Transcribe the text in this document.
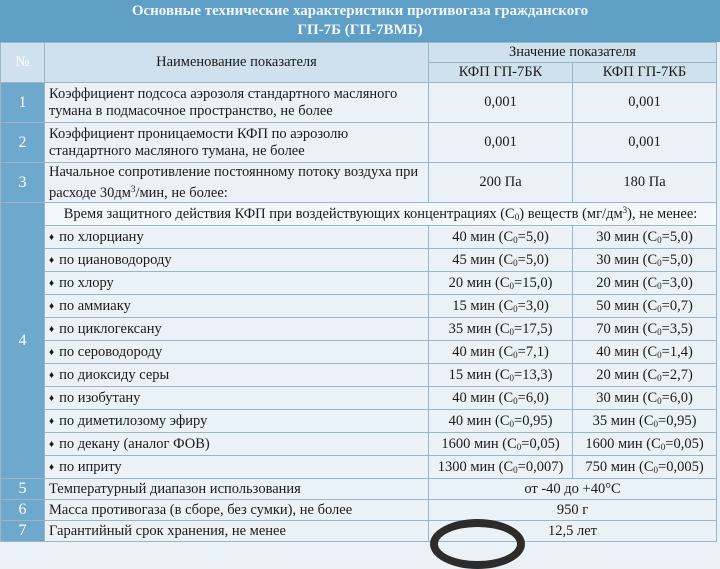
Основные технические характеристики противогаза гражданского
ГП-7Б (ГП-7ВМБ)
№	Наименование показателя	Значение показателя	
		КФП ГП-7БК	КФП ГП-7КБ
1	Коэффициент подсоса аэрозоля стандартного масляного тумана в подмасочное пространство, не более	0,001	0,001
2	Коэффициент проницаемости КФП по аэрозолю стандартного масляного тумана, не более	0,001	0,001
3	Начальное сопротивление постоянному потоку воздуха при расходе $30дм^3$/мин, не более:	200 Па	180 Па
4	Время защитного действия КФП при воздействующих концентрациях $(С_0)$ веществ $(мг/дм^3)$, не менее:		
	♦ по хлорциану	40 мин $(С_0=5,0)$	30 мин $(С_0=5,0)$
	♦ по циановодороду	45 мин $(С_0=5,0)$	30 мин $(С_0=5,0)$
	♦ по хлору	20 мин $(С_0=15,0)$	20 мин $(С_0=3,0)$
	♦ по аммиаку	15 мин $(С_0=3,0)$	50 мин $(С_0=0,7)$
	♦ по циклогексану	35 мин $(С_0=17,5)$	70 мин $(С_0=3,5)$
	♦ по сероводороду	40 мин $(С_0=7,1)$	40 мин $(С_0=1,4)$
	♦ по диоксиду серы	15 мин $(С_0=13,3)$	20 мин $(С_0=2,7)$
	♦ по изобутану	40 мин $(С_0=6,0)$	30 мин $(С_0=6,0)$
	♦ по диметилозому эфиру	40 мин $(С_0=0,95)$	35 мин $(С_0=0,95)$
	♦ по декану (аналог ФОВ)	1600 мин $(С_0=0,05)$	1600 мин $(С_0=0,05)$
	♦ по иприту	1300 мин $(С_0=0,007)$	750 мин $(С_0=0,005)$
5	Температурный диапазон использования	от -40 до +40°С	
6	Масса противогаза (в сборе, без сумки), не более	950 г	
7	Гарантийный срок хранения, не менее	12,5 лет	
